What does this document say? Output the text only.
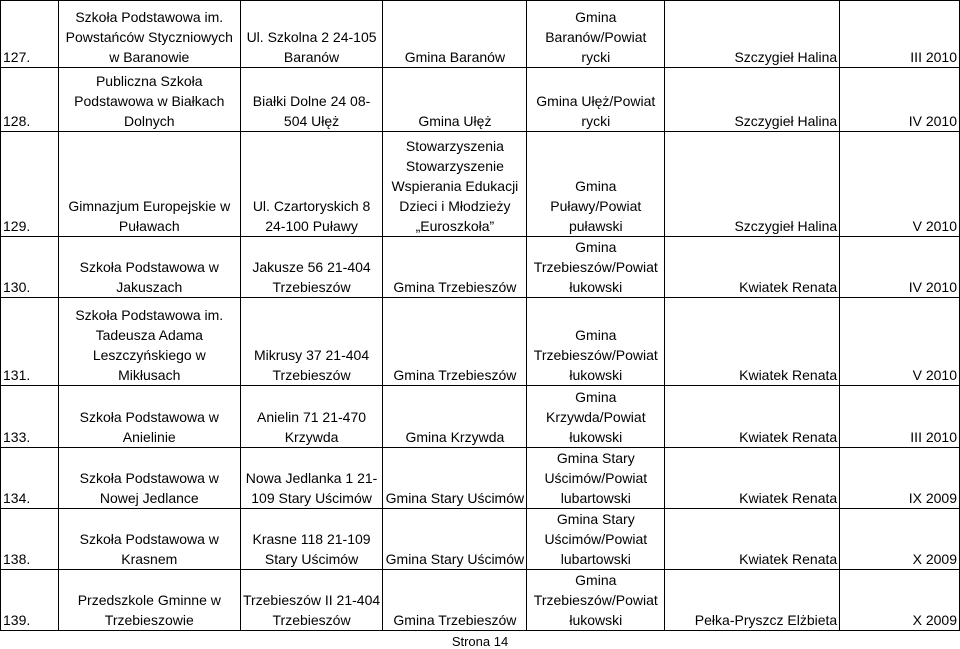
127.	Szkoła Podstawowa im. Powstańców Styczniowych w Baranowie	Ul. Szkolna 2 24-105 Baranów	Gmina Baranów	Gmina Baranów/Powiat rycki	Szczygieł Halina	III 2010
128.	Publiczna Szkoła Podstawowa w Białkach Dolnych	Białki Dolne 24 08-504 Ułęż	Gmina Ułęż	Gmina Ułęż/Powiat rycki	Szczygieł Halina	IV 2010
129.	Gimnazjum Europejskie w Puławach	Ul. Czartoryskich 8 24-100 Puławy	Stowarzyszenia Stowarzyszenie Wspierania Edukacji Dzieci i Młodzieży „Euroszkoła”	Gmina Puławy/Powiat puławski	Szczygieł Halina	V 2010
130.	Szkoła Podstawowa w Jakuszach	Jakusze 56 21-404 Trzebieszów	Gmina Trzebieszów	Gmina Trzebieszów/Powiat łukowski	Kwiatek Renata	IV 2010
131.	Szkoła Podstawowa im. Tadeusza Adama Leszczyńskiego w Mikłusach	Mikrusy 37 21-404 Trzebieszów	Gmina Trzebieszów	Gmina Trzebieszów/Powiat łukowski	Kwiatek Renata	V 2010
133.	Szkoła Podstawowa w Anielinie	Anielin 71 21-470 Krzywda	Gmina Krzywda	Gmina Krzywda/Powiat łukowski	Kwiatek Renata	III 2010
134.	Szkoła Podstawowa w Nowej Jedlance	Nowa Jedlanka 1 21-109 Stary Uścimów	Gmina Stary Uścimów	Gmina Stary Uścimów/Powiat lubartowski	Kwiatek Renata	IX 2009
138.	Szkoła Podstawowa w Krasnem	Krasne 118 21-109 Stary Uścimów	Gmina Stary Uścimów	Gmina Stary Uścimów/Powiat lubartowski	Kwiatek Renata	X 2009
139.	Przedszkole Gminne w Trzebieszowie	Trzebieszów II 21-404 Trzebieszów	Gmina Trzebieszów	Gmina Trzebieszów/Powiat łukowski	Pełka-Pryszcz Elżbieta	X 2009
Strona 14
